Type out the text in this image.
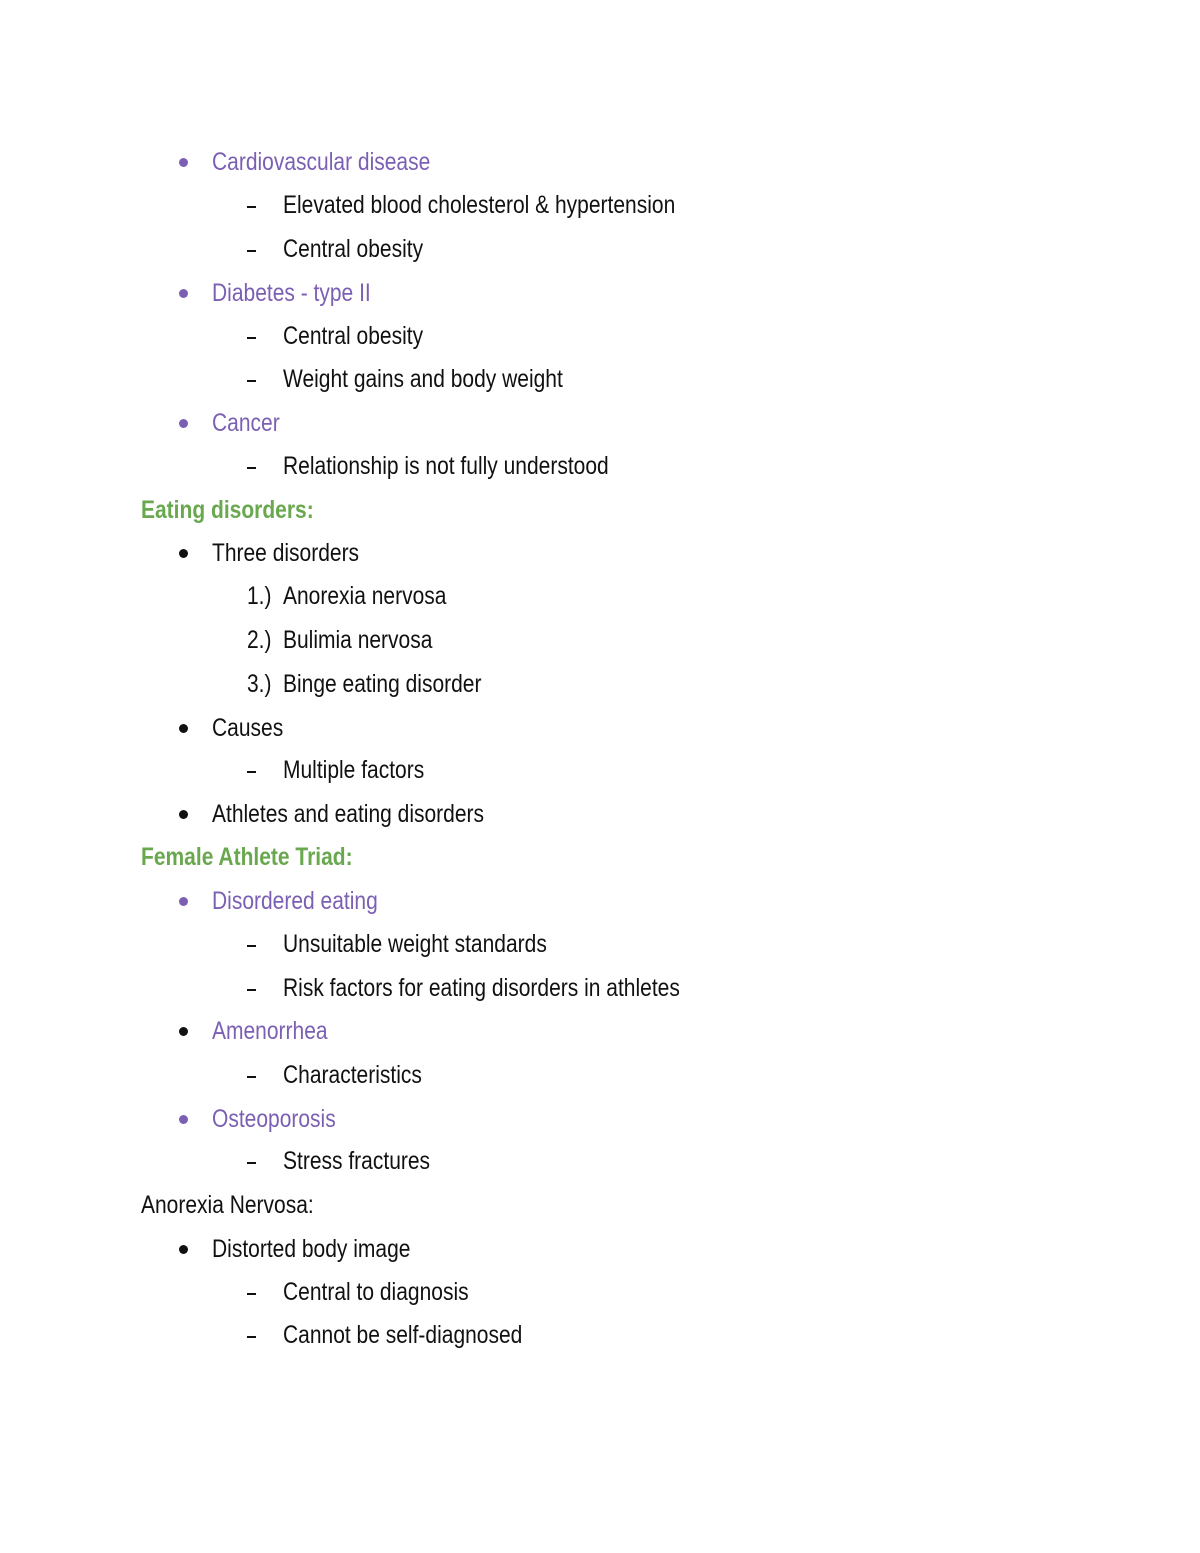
Cardiovascular disease
Elevated blood cholesterol & hypertension
Central obesity
Diabetes - type II
Central obesity
Weight gains and body weight
Cancer
Relationship is not fully understood
Eating disorders:
Three disorders
1.) Anorexia nervosa
2.) Bulimia nervosa
3.) Binge eating disorder
Causes
Multiple factors
Athletes and eating disorders
Female Athlete Triad:
Disordered eating
Unsuitable weight standards
Risk factors for eating disorders in athletes
Amenorrhea
Characteristics
Osteoporosis
Stress fractures
Anorexia Nervosa:
Distorted body image
Central to diagnosis
Cannot be self-diagnosed
